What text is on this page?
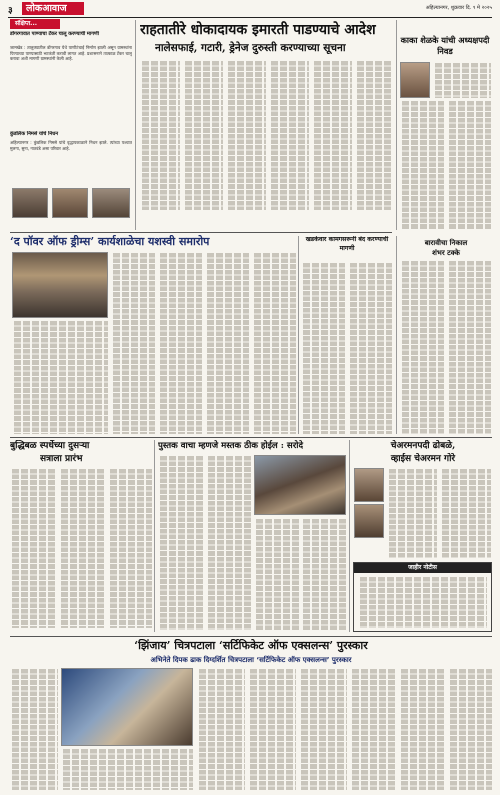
३ लोकआवाज	अहिल्यानगर, शुक्रवार दि. ९ मे २०२५
संक्षिप्त...
डोंगरगावात पाण्याचा टँकर चालू करण्याची मागणी
जामखेड : तालुक्यातील डोंगरगाव येथे पाणीटंचाई निर्माण झाली असून ग्रामस्थांना पिण्याच्या पाण्यासाठी भटकंती करावी लागत आहे. प्रशासनाने तात्काळ टँकर चालू करावा अशी मागणी ग्रामस्थांनी केली आहे.
कुंडलिक निमसे यांचे निधन
अहिल्यानगर : कुंडलिक निमसे यांचे वृद्धापकाळाने निधन झाले. त्यांच्या पश्चात मुलगा, सुना, नातवंडे असा परिवार आहे.
राहतातीरे धोकादायक इमारती पाडण्याचे आदेश
नालेसफाई, गटारी, ड्रेनेज दुरुस्ती करण्याच्या सूचना
काका शेळके यांची अध्यक्षपदी निवड
‘द पॉवर ऑफ ड्रीम्स’ कार्यशाळेचा यशस्वी समारोप	खडकेवार कामगसरूनी बंद करण्याची मागणी
बारावीचा निकाल
शंभर टक्के
बुद्धिबळ स्पर्धेच्या दुसऱ्या
सत्राला प्रारंभ
पुस्तक वाचा म्हणजे मस्तक ठीक होईल : सरोदे	चेअरमनपदी ढोबळे,
व्हाईस चेअरमन गोरे
जाहीर नोटीस
‘झिंजाय’ चित्रपटाला ‘सर्टिफिकेट ऑफ एक्सलन्स’ पुरस्कार
अभिनेते दिपक ढाक दिग्दर्शित चित्रपटाला ‘सर्टिफिकेट ऑफ एक्सलन्स’ पुरस्कार
